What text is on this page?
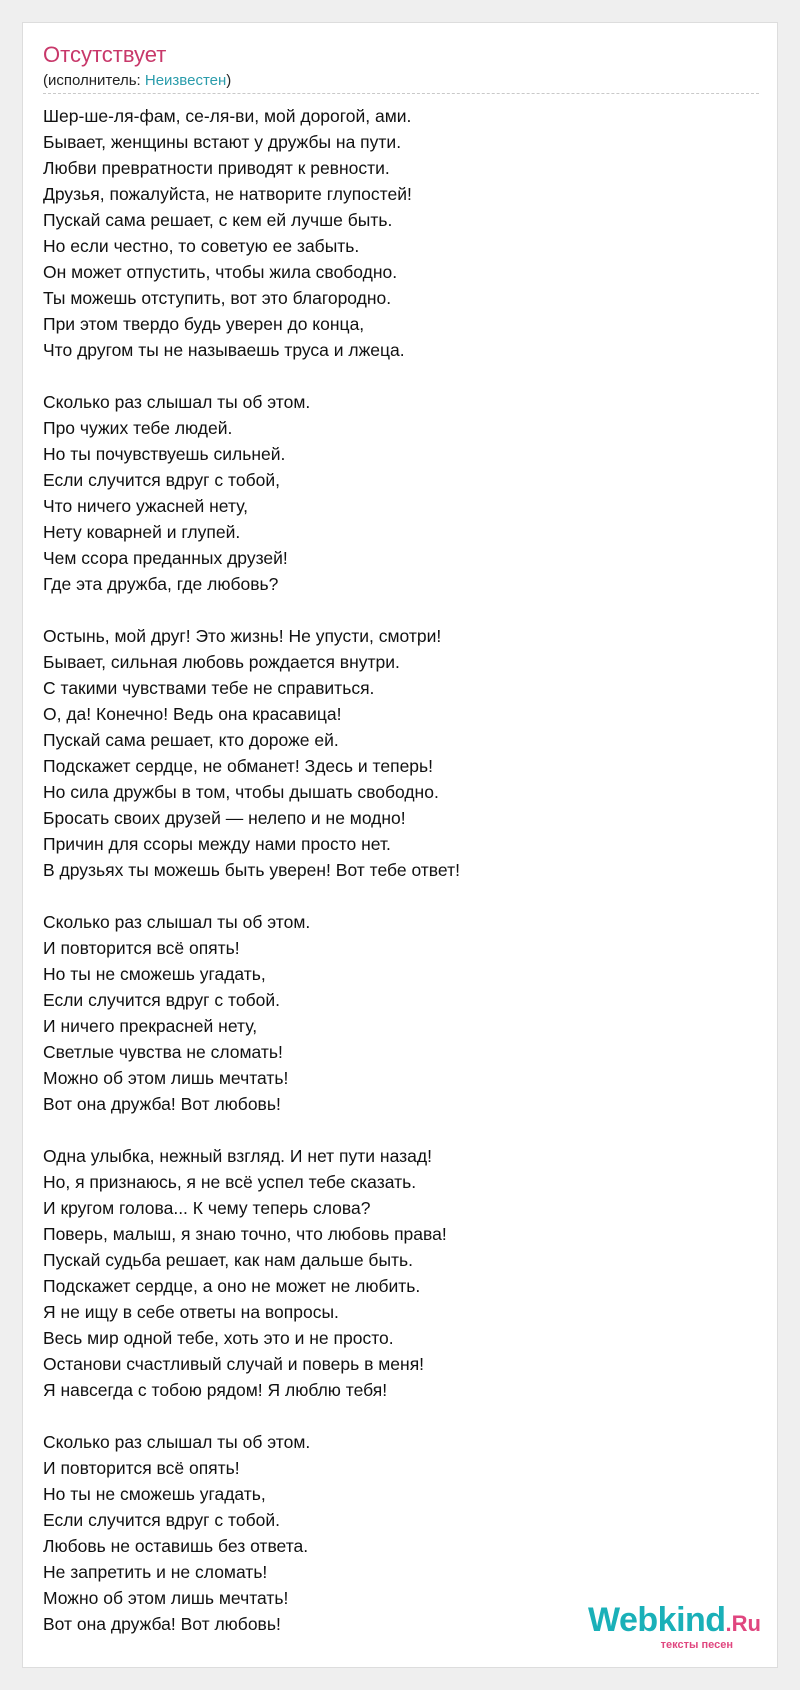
Отсутствует
(исполнитель: Неизвестен)
Шер-ше-ля-фам, се-ля-ви, мой дорогой, ами.
Бывает, женщины встают у дружбы на пути.
Любви превратности приводят к ревности.
Друзья, пожалуйста, не натворите глупостей!
Пускай сама решает, с кем ей лучше быть.
Но если честно, то советую ее забыть.
Он может отпустить, чтобы жила свободно.
Ты можешь отступить, вот это благородно.
При этом твердо будь уверен до конца,
Что другом ты не называешь труса и лжеца.
Сколько раз слышал ты об этом.
Про чужих тебе людей.
Но ты почувствуешь сильней.
Если случится вдруг с тобой,
Что ничего ужасней нету,
Нету коварней и глупей.
Чем ссора преданных друзей!
Где эта дружба, где любовь?
Остынь, мой друг! Это жизнь! Не упусти, смотри!
Бывает, сильная любовь рождается внутри.
С такими чувствами тебе не справиться.
О, да! Конечно! Ведь она красавица!
Пускай сама решает, кто дороже ей.
Подскажет сердце, не обманет! Здесь и теперь!
Но сила дружбы в том, чтобы дышать свободно.
Бросать своих друзей — нелепо и не модно!
Причин для ссоры между нами просто нет.
В друзьях ты можешь быть уверен! Вот тебе ответ!
Сколько раз слышал ты об этом.
И повторится всё опять!
Но ты не сможешь угадать,
Если случится вдруг с тобой.
И ничего прекрасней нету,
Светлые чувства не сломать!
Можно об этом лишь мечтать!
Вот она дружба! Вот любовь!
Одна улыбка, нежный взгляд. И нет пути назад!
Но, я признаюсь, я не всё успел тебе сказать.
И кругом голова... К чему теперь слова?
Поверь, малыш, я знаю точно, что любовь права!
Пускай судьба решает, как нам дальше быть.
Подскажет сердце, а оно не может не любить.
Я не ищу в себе ответы на вопросы.
Весь мир одной тебе, хоть это и не просто.
Останови счастливый случай и поверь в меня!
Я навсегда с тобою рядом! Я люблю тебя!
Сколько раз слышал ты об этом.
И повторится всё опять!
Но ты не сможешь угадать,
Если случится вдруг с тобой.
Любовь не оставишь без ответа.
Не запретить и не сломать!
Можно об этом лишь мечтать!
Вот она дружба! Вот любовь!	Webkind.Ru
тексты песен
